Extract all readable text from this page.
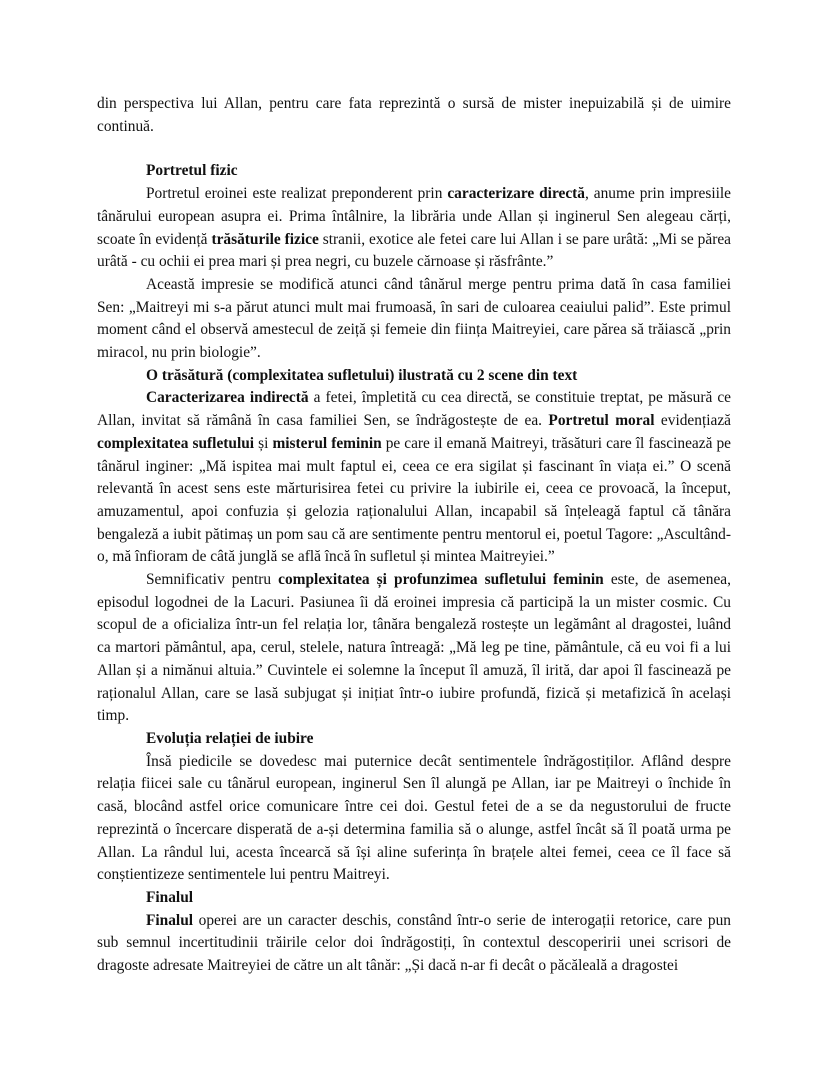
din perspectiva lui Allan, pentru care fata reprezintă o sursă de mister inepuizabilă și de uimire continuă.

Portretul fizic

Portretul eroinei este realizat preponderent prin caracterizare directă, anume prin impresiile tânărului european asupra ei. Prima întâlnire, la librăria unde Allan și inginerul Sen alegeau cărți, scoate în evidență trăsăturile fizice stranii, exotice ale fetei care lui Allan i se pare urâtă: „Mi se părea urâtă - cu ochii ei prea mari și prea negri, cu buzele cărnoase și răsfrânte.”

Această impresie se modifică atunci când tânărul merge pentru prima dată în casa familiei Sen: „Maitreyi mi s-a părut atunci mult mai frumoasă, în sari de culoarea ceaiului palid”. Este primul moment când el observă amestecul de zeiță și femeie din ființa Maitreyiei, care părea să trăiască „prin miracol, nu prin biologie”.

O trăsătură (complexitatea sufletului) ilustrată cu 2 scene din text

Caracterizarea indirectă a fetei, împletită cu cea directă, se constituie treptat, pe măsură ce Allan, invitat să rămână în casa familiei Sen, se îndrăgostește de ea. Portretul moral evidențiază complexitatea sufletului și misterul feminin pe care il emană Maitreyi, trăsături care îl fascinează pe tânărul inginer: „Mă ispitea mai mult faptul ei, ceea ce era sigilat și fascinant în viața ei.” O scenă relevantă în acest sens este mărturisirea fetei cu privire la iubirile ei, ceea ce provoacă, la început, amuzamentul, apoi confuzia și gelozia raționalului Allan, incapabil să înțeleagă faptul că tânăra bengaleză a iubit pătimaș un pom sau că are sentimente pentru mentorul ei, poetul Tagore: „Ascultând-o, mă înfioram de câtă junglă se află încă în sufletul și mintea Maitreyiei.”

Semnificativ pentru complexitatea și profunzimea sufletului feminin este, de asemenea, episodul logodnei de la Lacuri. Pasiunea îi dă eroinei impresia că participă la un mister cosmic. Cu scopul de a oficializa într-un fel relația lor, tânăra bengaleză rostește un legământ al dragostei, luând ca martori pământul, apa, cerul, stelele, natura întreagă: „Mă leg pe tine, pământule, că eu voi fi a lui Allan și a nimănui altuia.” Cuvintele ei solemne la început îl amuză, îl irită, dar apoi îl fascinează pe raționalul Allan, care se lasă subjugat și inițiat într-o iubire profundă, fizică și metafizică în același timp.

Evoluția relației de iubire

Însă piedicile se dovedesc mai puternice decât sentimentele îndrăgostiților. Aflând despre relația fiicei sale cu tânărul european, inginerul Sen îl alungă pe Allan, iar pe Maitreyi o închide în casă, blocând astfel orice comunicare între cei doi. Gestul fetei de a se da negustorului de fructe reprezintă o încercare disperată de a-și determina familia să o alunge, astfel încât să îl poată urma pe Allan. La rândul lui, acesta încearcă să își aline suferința în brațele altei femei, ceea ce îl face să conștientizeze sentimentele lui pentru Maitreyi.

Finalul

Finalul operei are un caracter deschis, constând într-o serie de interogații retorice, care pun sub semnul incertitudinii trăirile celor doi îndrăgostiți, în contextul descoperirii unei scrisori de dragoste adresate Maitreyiei de către un alt tânăr: „Și dacă n-ar fi decât o păcăleală a dragostei
